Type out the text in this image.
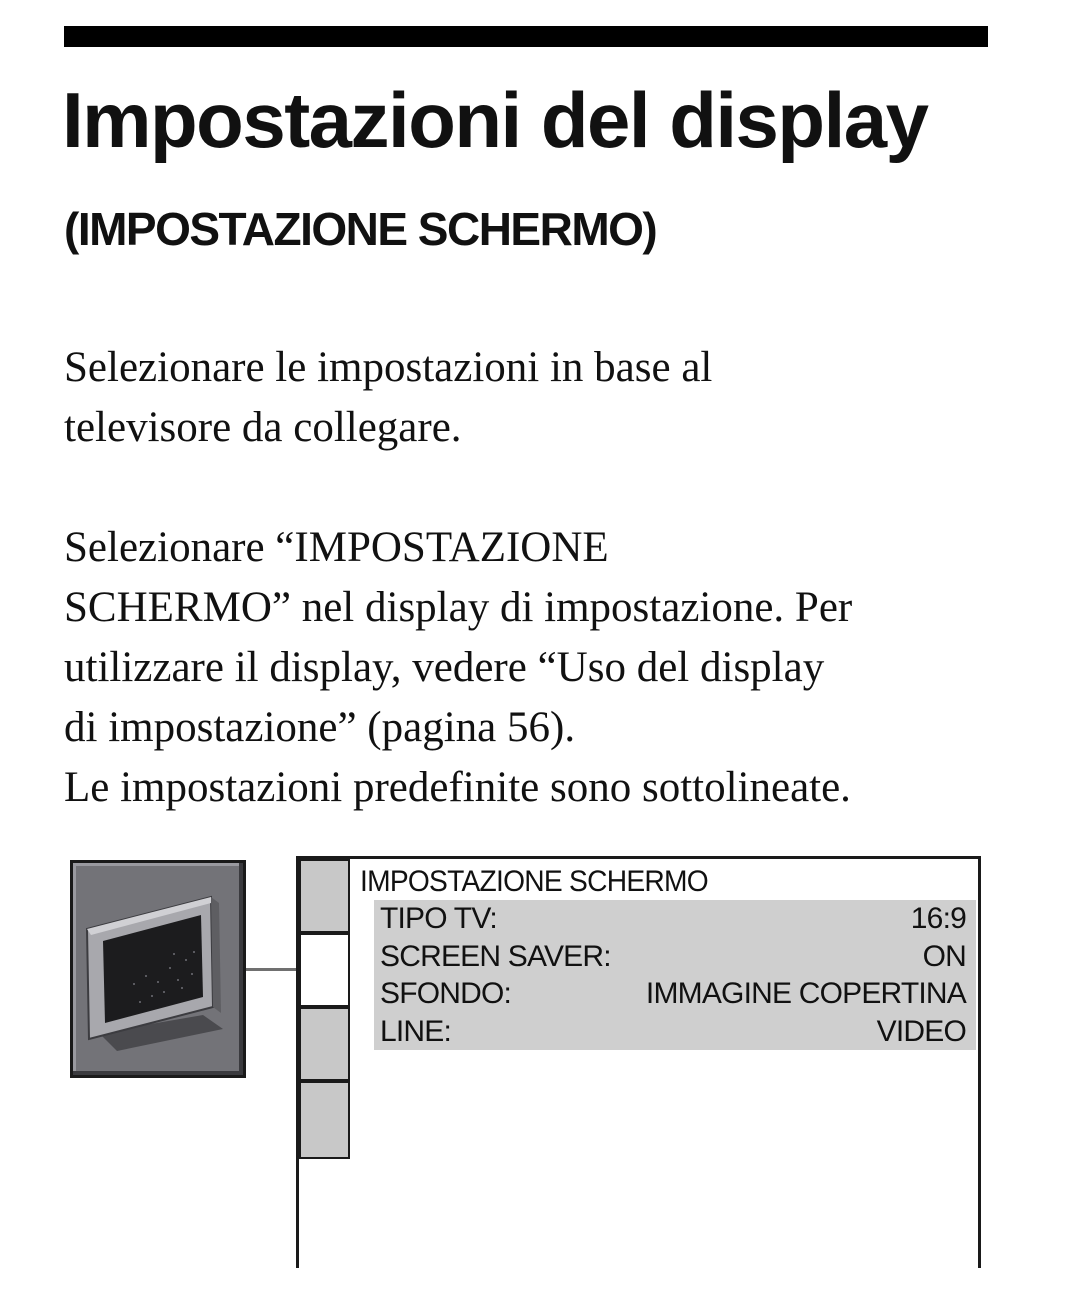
Impostazioni del display
(IMPOSTAZIONE SCHERMO)

Selezionare le impostazioni in base al
televisore da collegare.

Selezionare “IMPOSTAZIONE
SCHERMO” nel display di impostazione. Per
utilizzare il display, vedere “Uso del display
di impostazione” (pagina 56).
Le impostazioni predefinite sono sottolineate.

IMPOSTAZIONE SCHERMO
TIPO TV:	16:9
SCREEN SAVER:	ON
SFONDO:	IMMAGINE COPERTINA
LINE:	VIDEO
